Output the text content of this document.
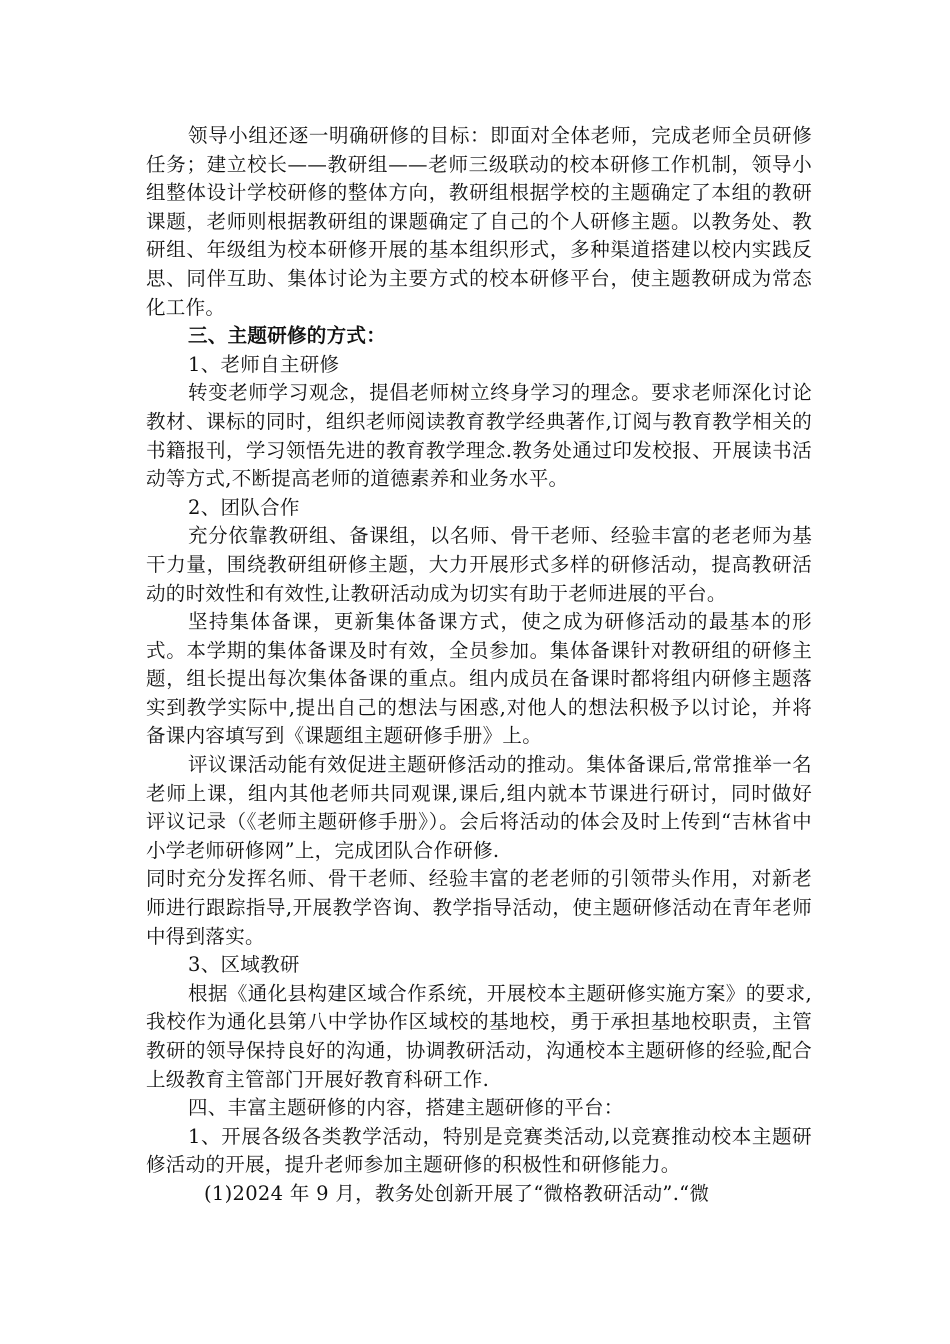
领导小组还逐一明确研修的目标：即面对全体老师，完成老师全员研修任务；建立校长——教研组——老师三级联动的校本研修工作机制，领导小组整体设计学校研修的整体方向，教研组根据学校的主题确定了本组的教研课题，老师则根据教研组的课题确定了自己的个人研修主题。以教务处、教研组、年级组为校本研修开展的基本组织形式，多种渠道搭建以校内实践反思、同伴互助、集体讨论为主要方式的校本研修平台，使主题教研成为常态化工作。

三、主题研修的方式：

1、老师自主研修

转变老师学习观念，提倡老师树立终身学习的理念。要求老师深化讨论教材、课标的同时，组织老师阅读教育教学经典著作,订阅与教育教学相关的书籍报刊，学习领悟先进的教育教学理念.教务处通过印发校报、开展读书活动等方式,不断提高老师的道德素养和业务水平。

2、团队合作

充分依靠教研组、备课组，以名师、骨干老师、经验丰富的老老师为基干力量，围绕教研组研修主题，大力开展形式多样的研修活动，提高教研活动的时效性和有效性,让教研活动成为切实有助于老师进展的平台。

坚持集体备课，更新集体备课方式，使之成为研修活动的最基本的形式。本学期的集体备课及时有效，全员参加。集体备课针对教研组的研修主题，组长提出每次集体备课的重点。组内成员在备课时都将组内研修主题落实到教学实际中,提出自己的想法与困惑,对他人的想法积极予以讨论，并将备课内容填写到《课题组主题研修手册》上。

评议课活动能有效促进主题研修活动的推动。集体备课后,常常推举一名老师上课，组内其他老师共同观课,课后,组内就本节课进行研讨，同时做好评议记录（《老师主题研修手册》）。会后将活动的体会及时上传到“吉林省中小学老师研修网”上，完成团队合作研修.

同时充分发挥名师、骨干老师、经验丰富的老老师的引领带头作用，对新老师进行跟踪指导,开展教学咨询、教学指导活动，使主题研修活动在青年老师中得到落实。

3、区域教研

根据《通化县构建区域合作系统，开展校本主题研修实施方案》的要求,我校作为通化县第八中学协作区域校的基地校，勇于承担基地校职责，主管教研的领导保持良好的沟通，协调教研活动，沟通校本主题研修的经验,配合上级教育主管部门开展好教育科研工作.

四、丰富主题研修的内容，搭建主题研修的平台：

1、开展各级各类教学活动，特别是竞赛类活动,以竞赛推动校本主题研修活动的开展，提升老师参加主题研修的积极性和研修能力。

(1)2024 年 9 月，教务处创新开展了“微格教研活动”.“微
